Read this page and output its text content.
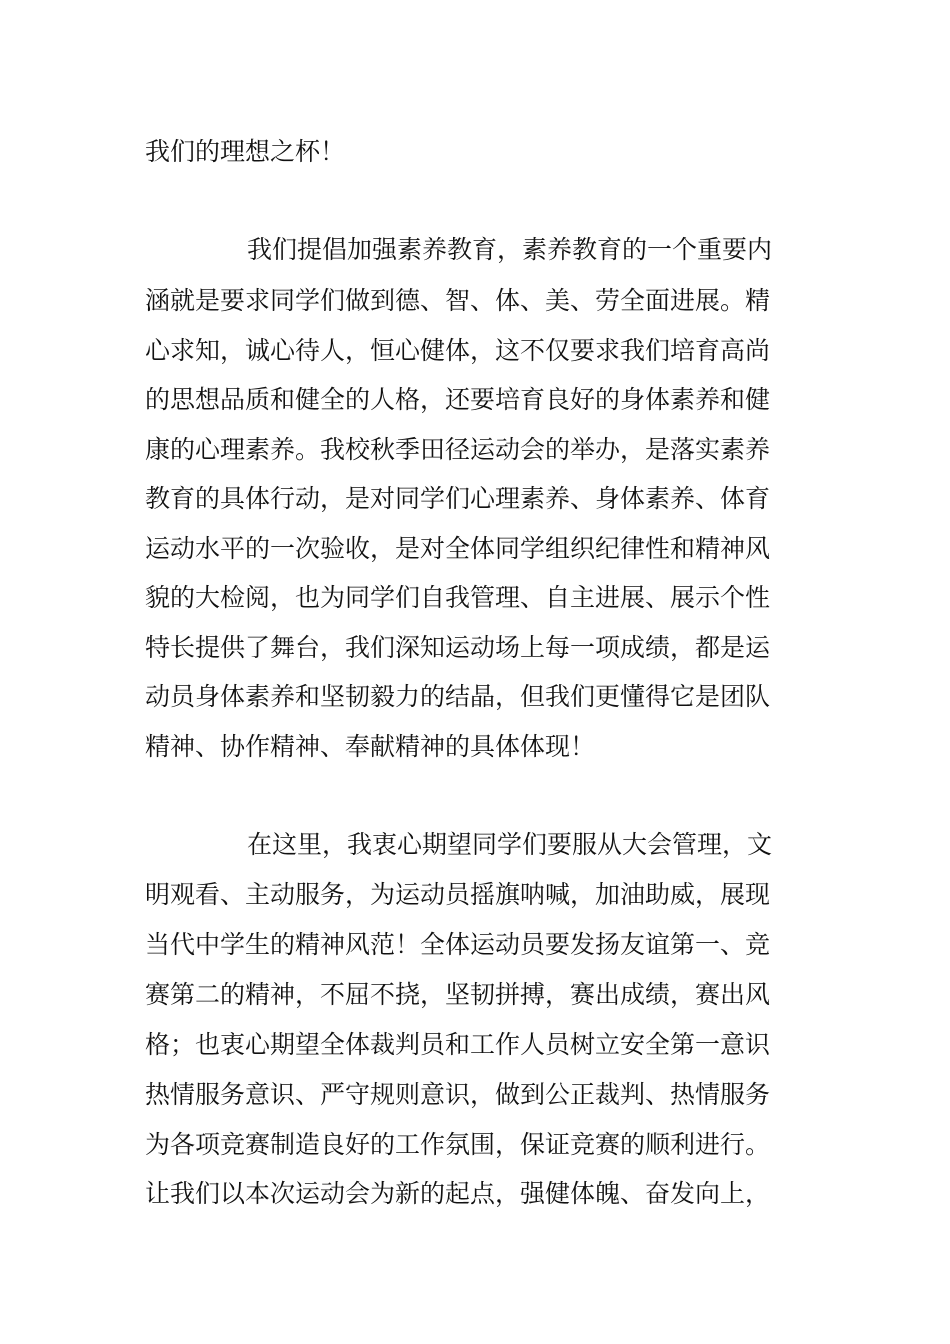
我们的理想之杯！

我们提倡加强素养教育，素养教育的一个重要内

涵就是要求同学们做到德、智、体、美、劳全面进展。精

心求知，诚心待人，恒心健体，这不仅要求我们培育高尚

的思想品质和健全的人格，还要培育良好的身体素养和健

康的心理素养。我校秋季田径运动会的举办，是落实素养

教育的具体行动，是对同学们心理素养、身体素养、体育

运动水平的一次验收，是对全体同学组织纪律性和精神风

貌的大检阅，也为同学们自我管理、自主进展、展示个性

特长提供了舞台，我们深知运动场上每一项成绩，都是运

动员身体素养和坚韧毅力的结晶，但我们更懂得它是团队

精神、协作精神、奉献精神的具体体现！

在这里，我衷心期望同学们要服从大会管理，文

明观看、主动服务，为运动员摇旗呐喊，加油助威，展现

当代中学生的精神风范！全体运动员要发扬友谊第一、竞

赛第二的精神，不屈不挠，坚韧拼搏，赛出成绩，赛出风

格；也衷心期望全体裁判员和工作人员树立安全第一意识

热情服务意识、严守规则意识，做到公正裁判、热情服务

为各项竞赛制造良好的工作氛围，保证竞赛的顺利进行。

让我们以本次运动会为新的起点，强健体魄、奋发向上，
